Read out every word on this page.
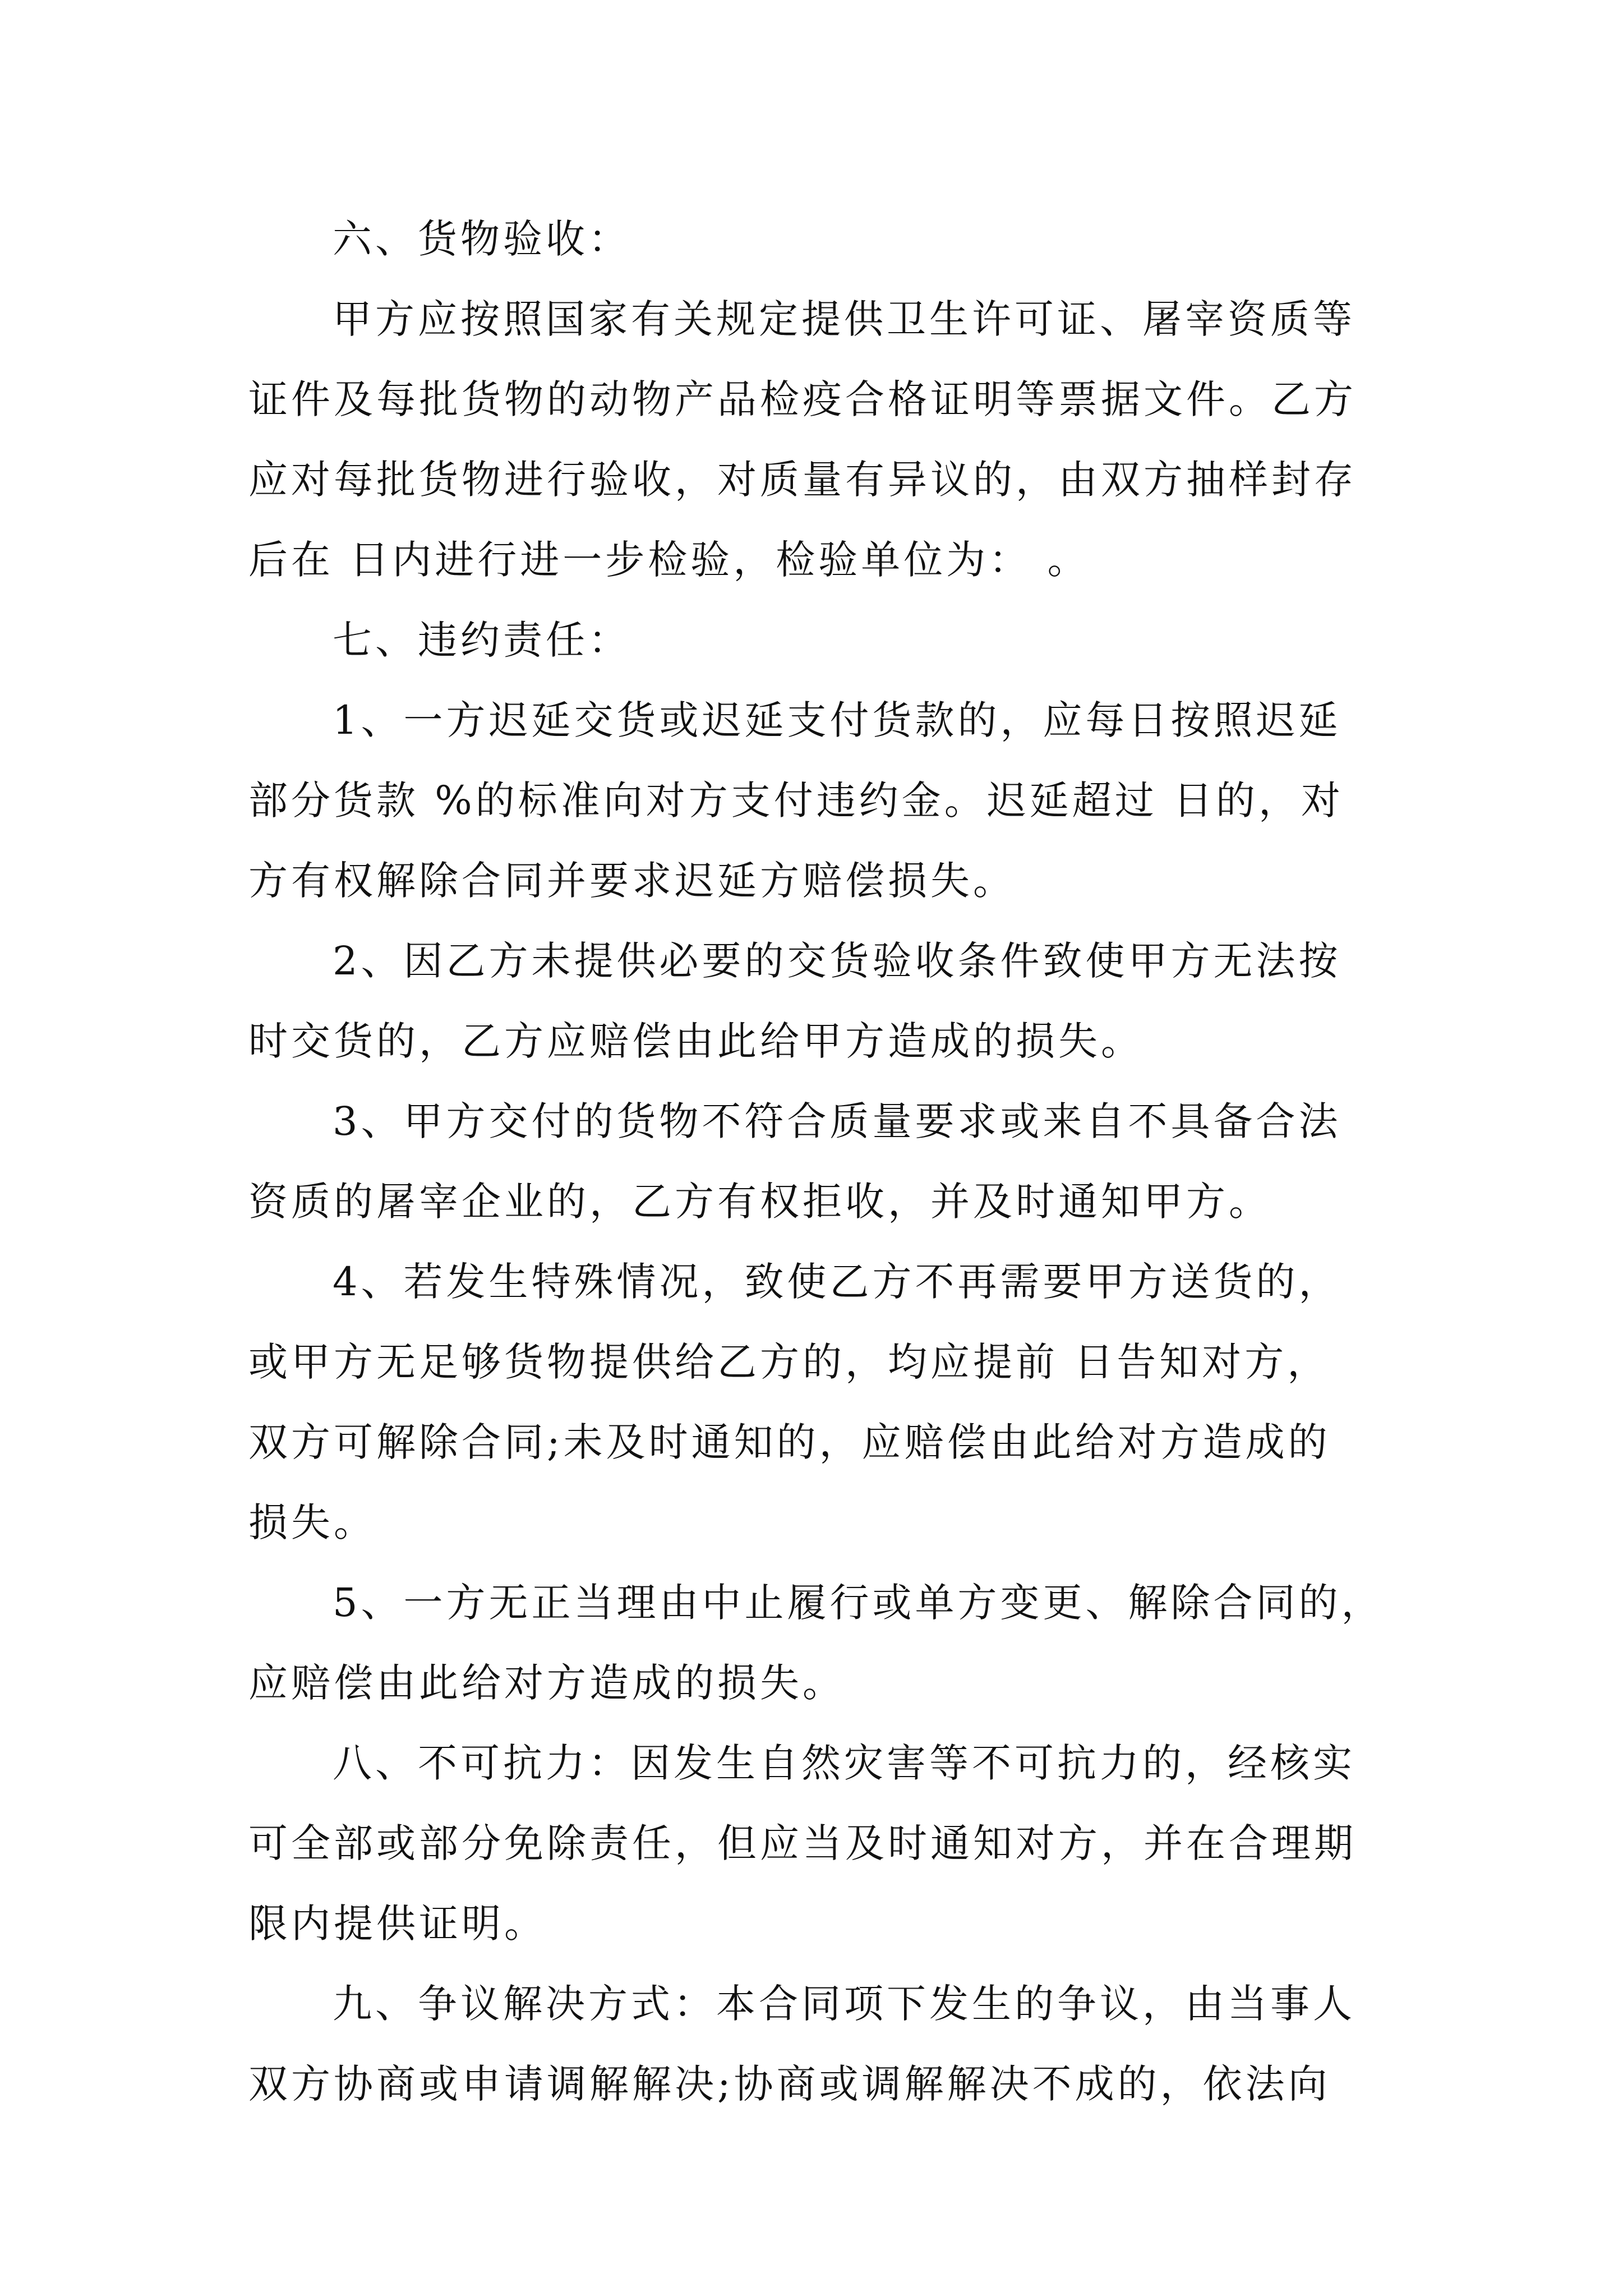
六、货物验收：

甲方应按照国家有关规定提供卫生许可证、屠宰资质等
证件及每批货物的动物产品检疫合格证明等票据文件。乙方
应对每批货物进行验收，对质量有异议的，由双方抽样封存
后在 日内进行进一步检验，检验单位为： 。

七、违约责任：

1、一方迟延交货或迟延支付货款的，应每日按照迟延
部分货款 %的标准向对方支付违约金。迟延超过 日的，对
方有权解除合同并要求迟延方赔偿损失。

2、因乙方未提供必要的交货验收条件致使甲方无法按
时交货的，乙方应赔偿由此给甲方造成的损失。

3、甲方交付的货物不符合质量要求或来自不具备合法
资质的屠宰企业的，乙方有权拒收，并及时通知甲方。

4、若发生特殊情况，致使乙方不再需要甲方送货的，
或甲方无足够货物提供给乙方的，均应提前 日告知对方，
双方可解除合同;未及时通知的，应赔偿由此给对方造成的
损失。

5、一方无正当理由中止履行或单方变更、解除合同的，
应赔偿由此给对方造成的损失。

八、不可抗力：因发生自然灾害等不可抗力的，经核实
可全部或部分免除责任，但应当及时通知对方，并在合理期
限内提供证明。

九、争议解决方式：本合同项下发生的争议，由当事人
双方协商或申请调解解决;协商或调解解决不成的，依法向
